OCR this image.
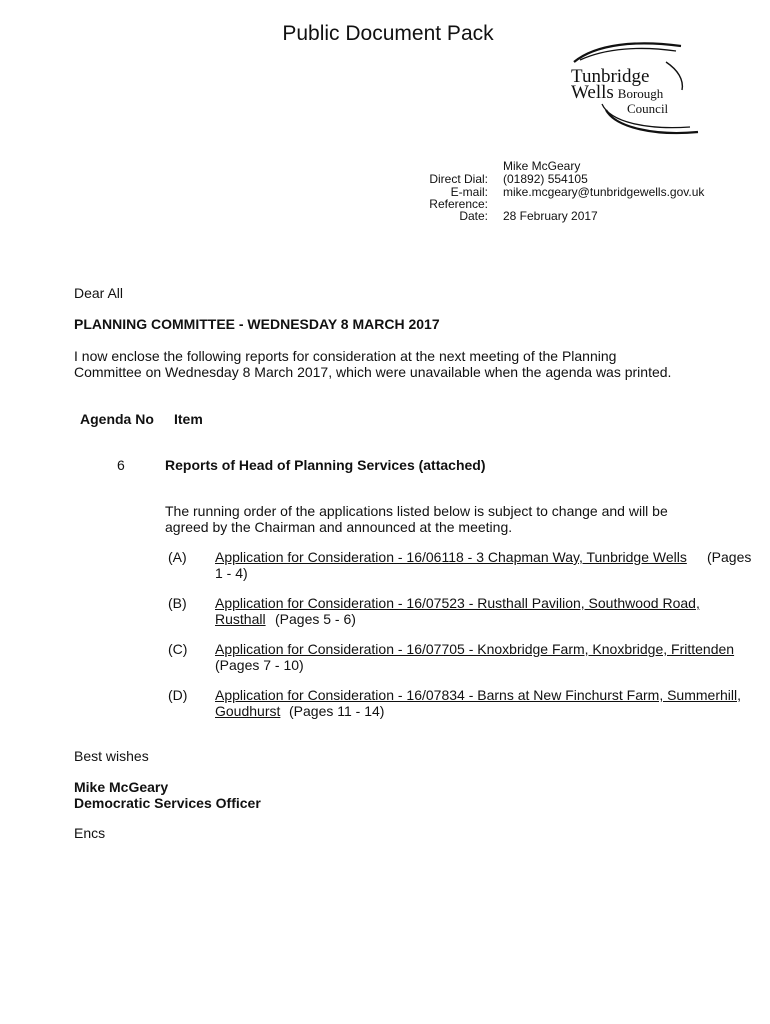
Public Document Pack
Tunbridge
Wells Borough
Council
Mike McGeary
Direct Dial: (01892) 554105
E-mail: mike.mcgeary@tunbridgewells.gov.uk
Reference:
Date: 28 February 2017
Dear All
PLANNING COMMITTEE - WEDNESDAY 8 MARCH 2017
I now enclose the following reports for consideration at the next meeting of the Planning
Committee on Wednesday 8 March 2017, which were unavailable when the agenda was printed.
Agenda No Item
6	Reports of Head of Planning Services (attached)
The running order of the applications listed below is subject to change and will be
agreed by the Chairman and announced at the meeting.
(A) Application for Consideration - 16/06118 - 3 Chapman Way, Tunbridge Wells (Pages
1 - 4)
(B) Application for Consideration - 16/07523 - Rusthall Pavilion, Southwood Road,
Rusthall (Pages 5 - 6)
(C) Application for Consideration - 16/07705 - Knoxbridge Farm, Knoxbridge, Frittenden
(Pages 7 - 10)
(D) Application for Consideration - 16/07834 - Barns at New Finchurst Farm, Summerhill,
Goudhurst (Pages 11 - 14)
Best wishes
Mike McGeary
Democratic Services Officer
Encs
